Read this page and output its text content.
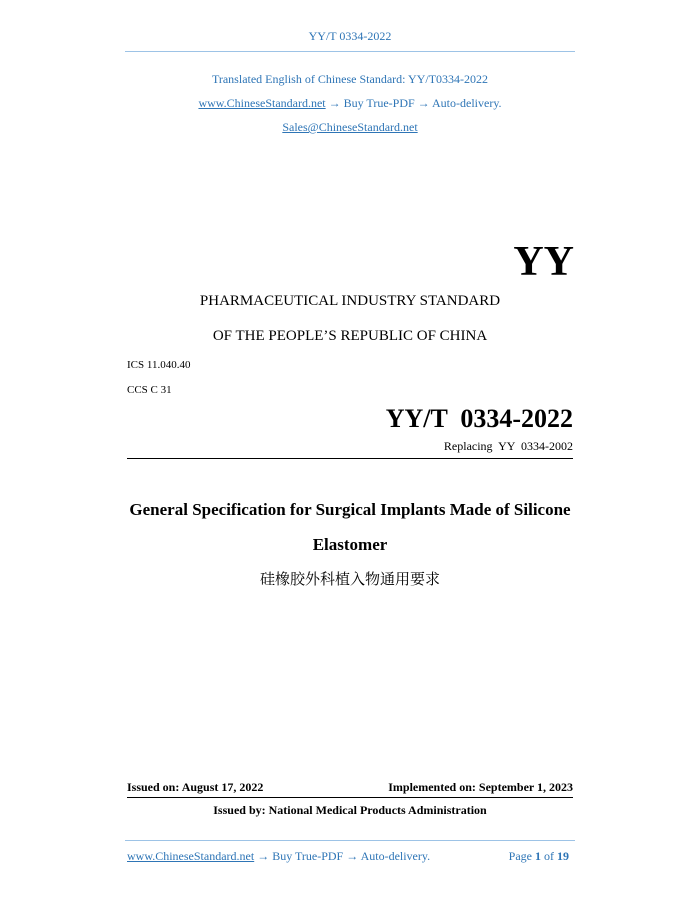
YY/T 0334-2022
Translated English of Chinese Standard: YY/T0334-2022
www.ChineseStandard.net → Buy True-PDF → Auto-delivery.
Sales@ChineseStandard.net
YY
PHARMACEUTICAL INDUSTRY STANDARD
OF THE PEOPLE’S REPUBLIC OF CHINA
ICS 11.040.40
CCS C 31
YY/T  0334-2022
Replacing  YY  0334-2002
General Specification for Surgical Implants Made of Silicone
Elastomer
硅橡胶外科植入物通用要求
Issued on: August 17, 2022	Implemented on: September 1, 2023
Issued by: National Medical Products Administration
www.ChineseStandard.net → Buy True-PDF → Auto-delivery.	Page 1 of 19
